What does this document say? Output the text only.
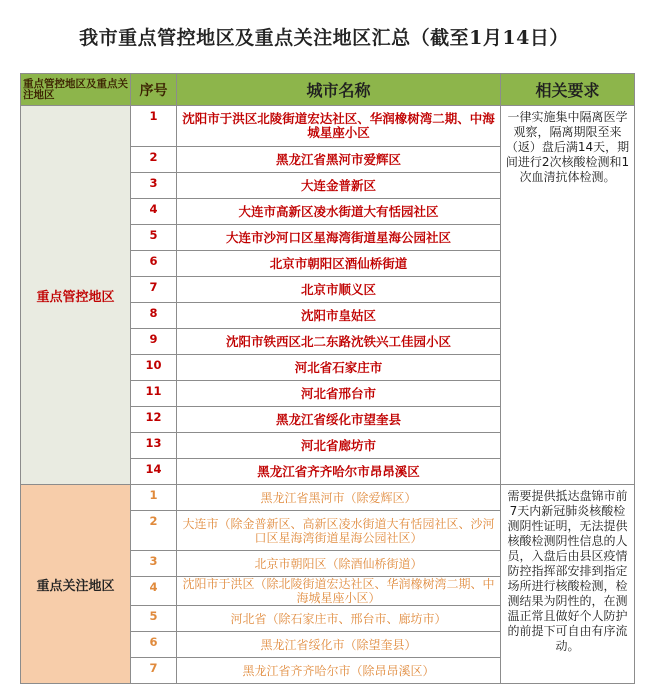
我市重点管控地区及重点关注地区汇总（截至1月14日）
重点管控地区及重点关注地区	序号	城市名称	相关要求
重点管控地区	1	沈阳市于洪区北陵街道宏达社区、华润橡树湾二期、中海城星座小区	一律实施集中隔离医学观察，隔离期限至来（返）盘后满14天，期间进行2次核酸检测和1次血清抗体检测。
	2	黑龙江省黑河市爱辉区	
	3	大连金普新区	
	4	大连市高新区凌水街道大有恬园社区	
	5	大连市沙河口区星海湾街道星海公园社区	
	6	北京市朝阳区酒仙桥街道	
	7	北京市顺义区	
	8	沈阳市皇姑区	
	9	沈阳市铁西区北二东路沈铁兴工佳园小区	
	10	河北省石家庄市	
	11	河北省邢台市	
	12	黑龙江省绥化市望奎县	
	13	河北省廊坊市	
	14	黑龙江省齐齐哈尔市昂昂溪区	
重点关注地区	1	黑龙江省黑河市（除爱辉区）	需要提供抵达盘锦市前7天内新冠肺炎核酸检测阴性证明，无法提供核酸检测阴性信息的人员，入盘后由县区疫情防控指挥部安排到指定场所进行核酸检测，检测结果为阴性的，在测温正常且做好个人防护的前提下可自由有序流动。
	2	大连市（除金普新区、高新区凌水街道大有恬园社区、沙河口区星海湾街道星海公园社区）	
	3	北京市朝阳区（除酒仙桥街道）	
	4	沈阳市于洪区（除北陵街道宏达社区、华润橡树湾二期、中海城星座小区）	
	5	河北省（除石家庄市、邢台市、廊坊市）	
	6	黑龙江省绥化市（除望奎县）	
	7	黑龙江省齐齐哈尔市（除昂昂溪区）	
